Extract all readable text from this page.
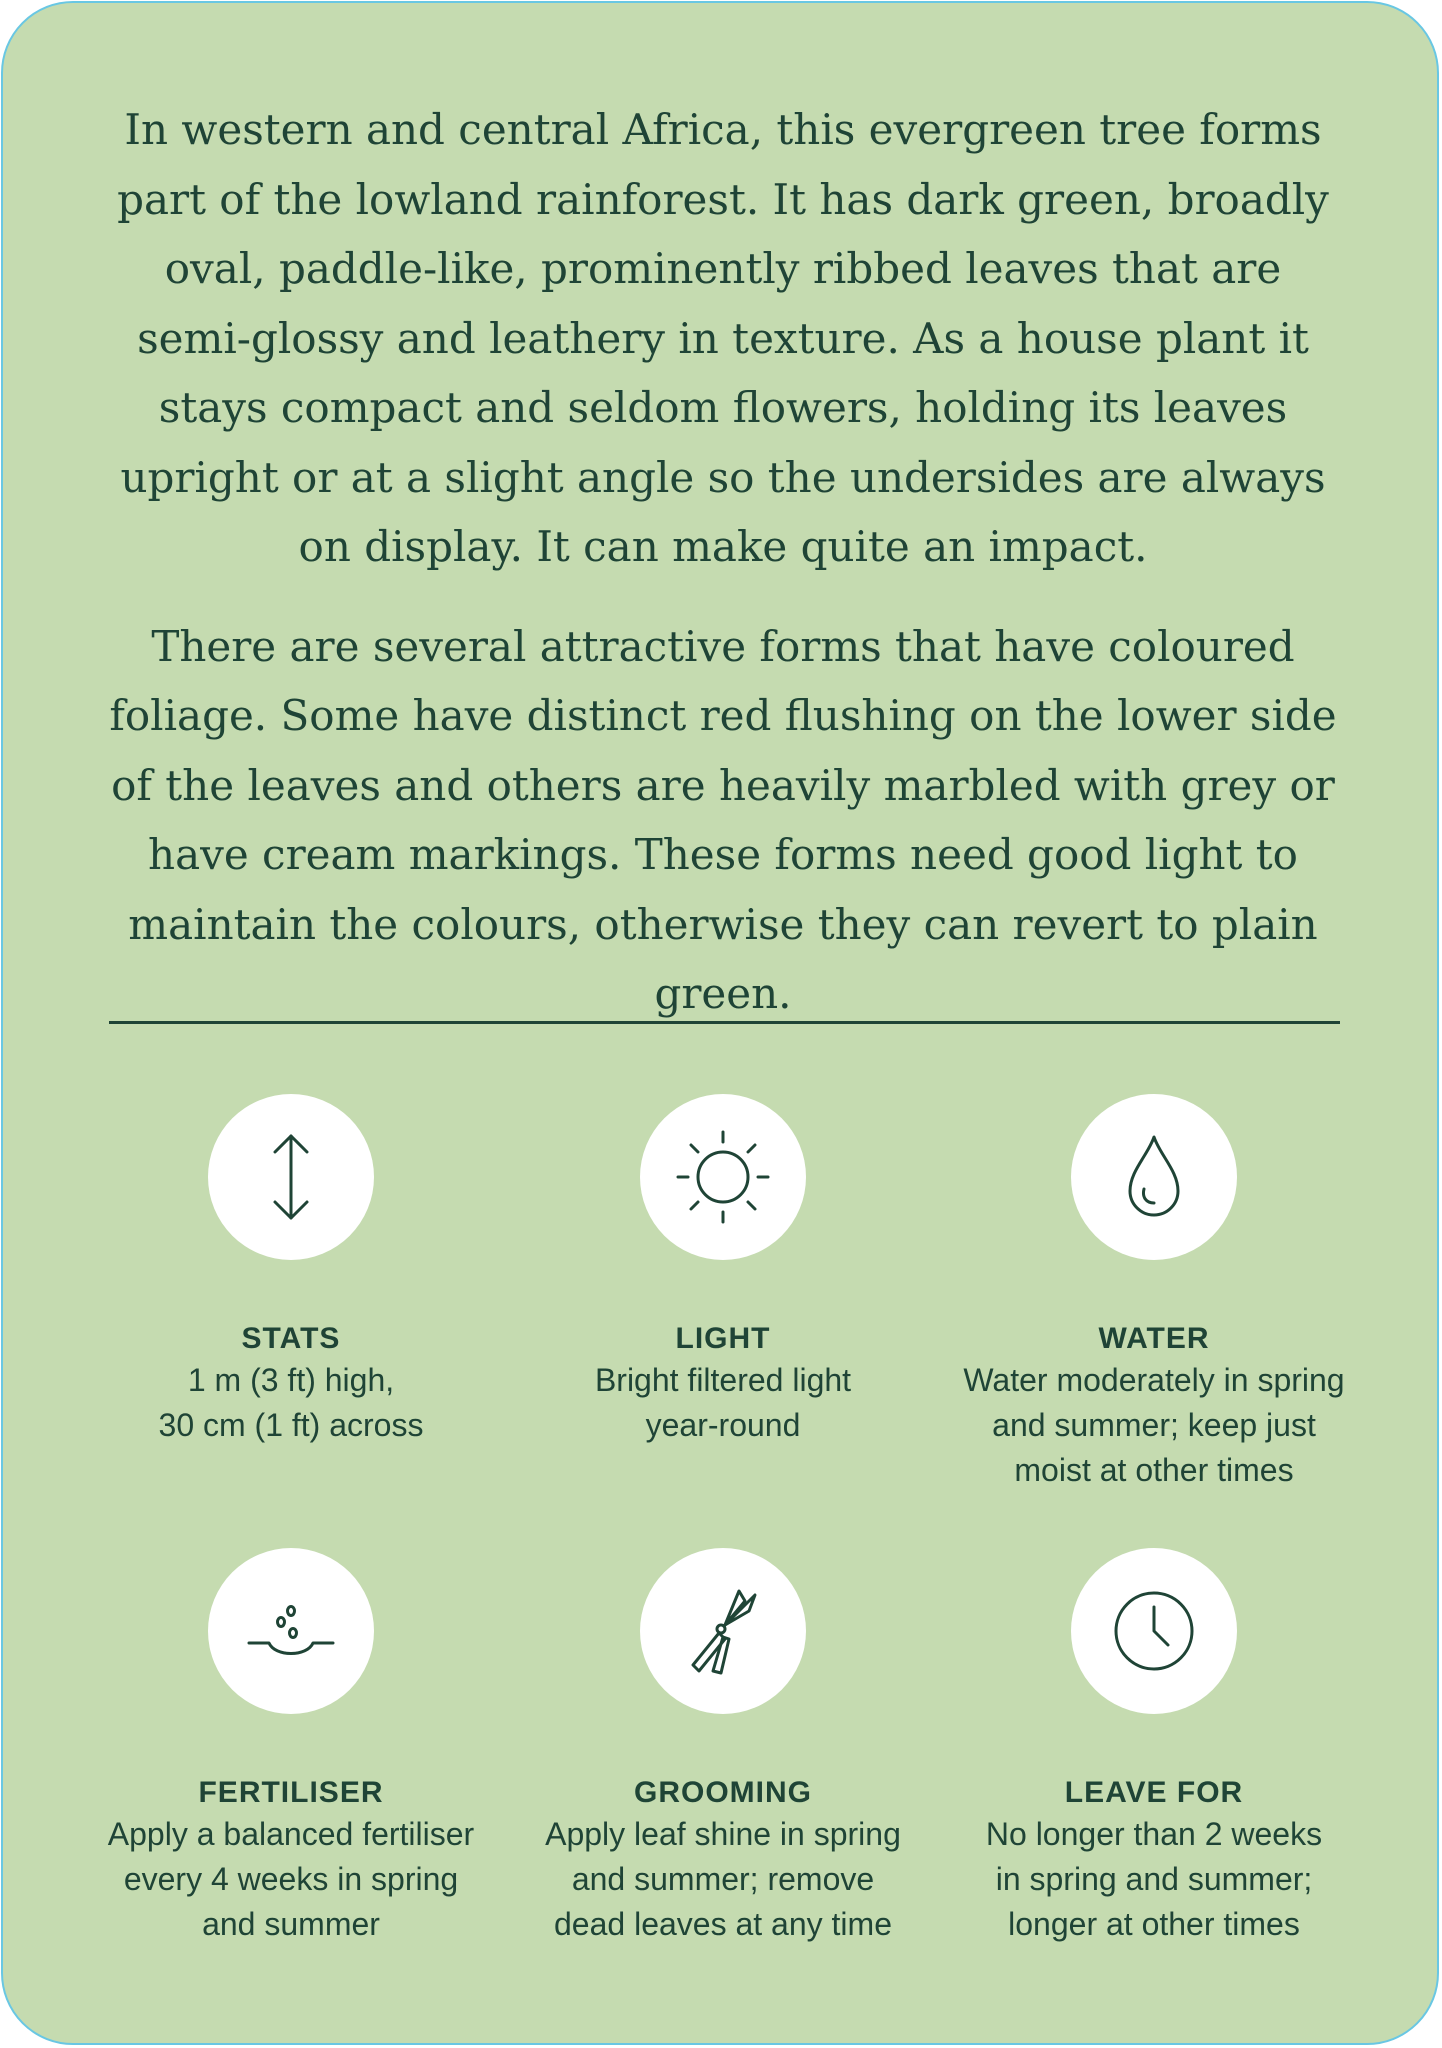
In western and central Africa, this evergreen tree forms part of the lowland rainforest. It has dark green, broadly oval, paddle-like, prominently ribbed leaves that are semi-glossy and leathery in texture. As a house plant it stays compact and seldom flowers, holding its leaves upright or at a slight angle so the undersides are always on display. It can make quite an impact.

There are several attractive forms that have coloured foliage. Some have distinct red flushing on the lower side of the leaves and others are heavily marbled with grey or have cream markings. These forms need good light to maintain the colours, otherwise they can revert to plain green.

STATS
1 m (3 ft) high,
30 cm (1 ft) across
LIGHT
Bright filtered light
year-round
WATER
Water moderately in spring
and summer; keep just
moist at other times
FERTILISER
Apply a balanced fertiliser
every 4 weeks in spring
and summer
GROOMING
Apply leaf shine in spring
and summer; remove
dead leaves at any time
LEAVE FOR
No longer than 2 weeks
in spring and summer;
longer at other times
